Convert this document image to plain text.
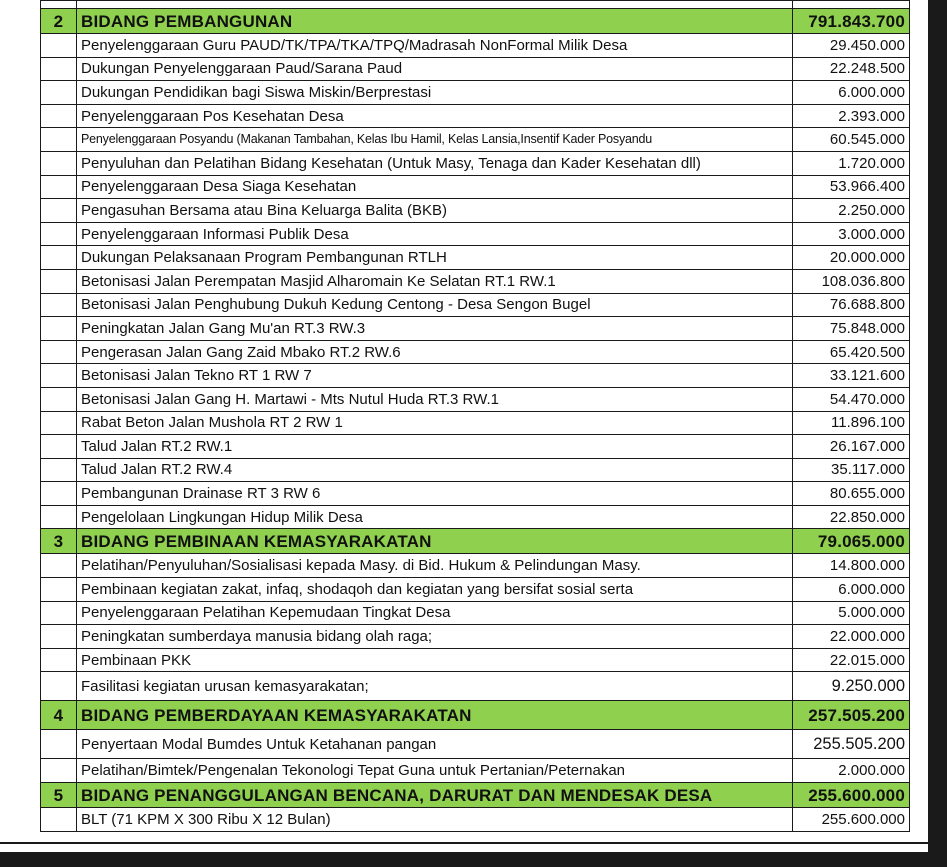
2	BIDANG PEMBANGUNAN	791.843.700
	Penyelenggaraan Guru PAUD/TK/TPA/TKA/TPQ/Madrasah NonFormal Milik Desa	29.450.000
	Dukungan Penyelenggaraan Paud/Sarana Paud	22.248.500
	Dukungan Pendidikan bagi Siswa Miskin/Berprestasi	6.000.000
	Penyelenggaraan Pos Kesehatan Desa	2.393.000
	Penyelenggaraan Posyandu (Makanan Tambahan, Kelas Ibu Hamil, Kelas Lansia,Insentif Kader Posyandu	60.545.000
	Penyuluhan dan Pelatihan Bidang Kesehatan (Untuk Masy, Tenaga dan Kader Kesehatan dll)	1.720.000
	Penyelenggaraan Desa Siaga Kesehatan	53.966.400
	Pengasuhan Bersama atau Bina Keluarga Balita (BKB)	2.250.000
	Penyelenggaraan Informasi Publik Desa	3.000.000
	Dukungan Pelaksanaan Program Pembangunan RTLH	20.000.000
	Betonisasi Jalan Perempatan Masjid Alharomain Ke Selatan RT.1 RW.1	108.036.800
	Betonisasi Jalan Penghubung Dukuh Kedung Centong - Desa Sengon Bugel	76.688.800
	Peningkatan Jalan Gang Mu'an RT.3 RW.3	75.848.000
	Pengerasan Jalan Gang Zaid Mbako RT.2 RW.6	65.420.500
	Betonisasi Jalan Tekno RT 1 RW 7	33.121.600
	Betonisasi Jalan Gang H. Martawi - Mts Nutul Huda RT.3 RW.1	54.470.000
	Rabat Beton Jalan Mushola RT 2 RW 1	11.896.100
	Talud Jalan RT.2 RW.1	26.167.000
	Talud Jalan RT.2 RW.4	35.117.000
	Pembangunan Drainase RT 3 RW 6	80.655.000
	Pengelolaan Lingkungan Hidup Milik Desa	22.850.000
3	BIDANG PEMBINAAN KEMASYARAKATAN	79.065.000
	Pelatihan/Penyuluhan/Sosialisasi kepada Masy. di Bid. Hukum & Pelindungan Masy.	14.800.000
	Pembinaan kegiatan zakat, infaq, shodaqoh dan kegiatan yang bersifat sosial serta	6.000.000
	Penyelenggaraan Pelatihan Kepemudaan Tingkat Desa	5.000.000
	Peningkatan sumberdaya manusia bidang olah raga;	22.000.000
	Pembinaan PKK	22.015.000
	Fasilitasi kegiatan urusan kemasyarakatan;	9.250.000
4	BIDANG PEMBERDAYAAN KEMASYARAKATAN	257.505.200
	Penyertaan Modal Bumdes Untuk Ketahanan pangan	255.505.200
	Pelatihan/Bimtek/Pengenalan Tekonologi Tepat Guna untuk Pertanian/Peternakan	2.000.000
5	BIDANG PENANGGULANGAN BENCANA, DARURAT DAN MENDESAK DESA	255.600.000
	BLT (71 KPM X 300 Ribu X 12 Bulan)	255.600.000
